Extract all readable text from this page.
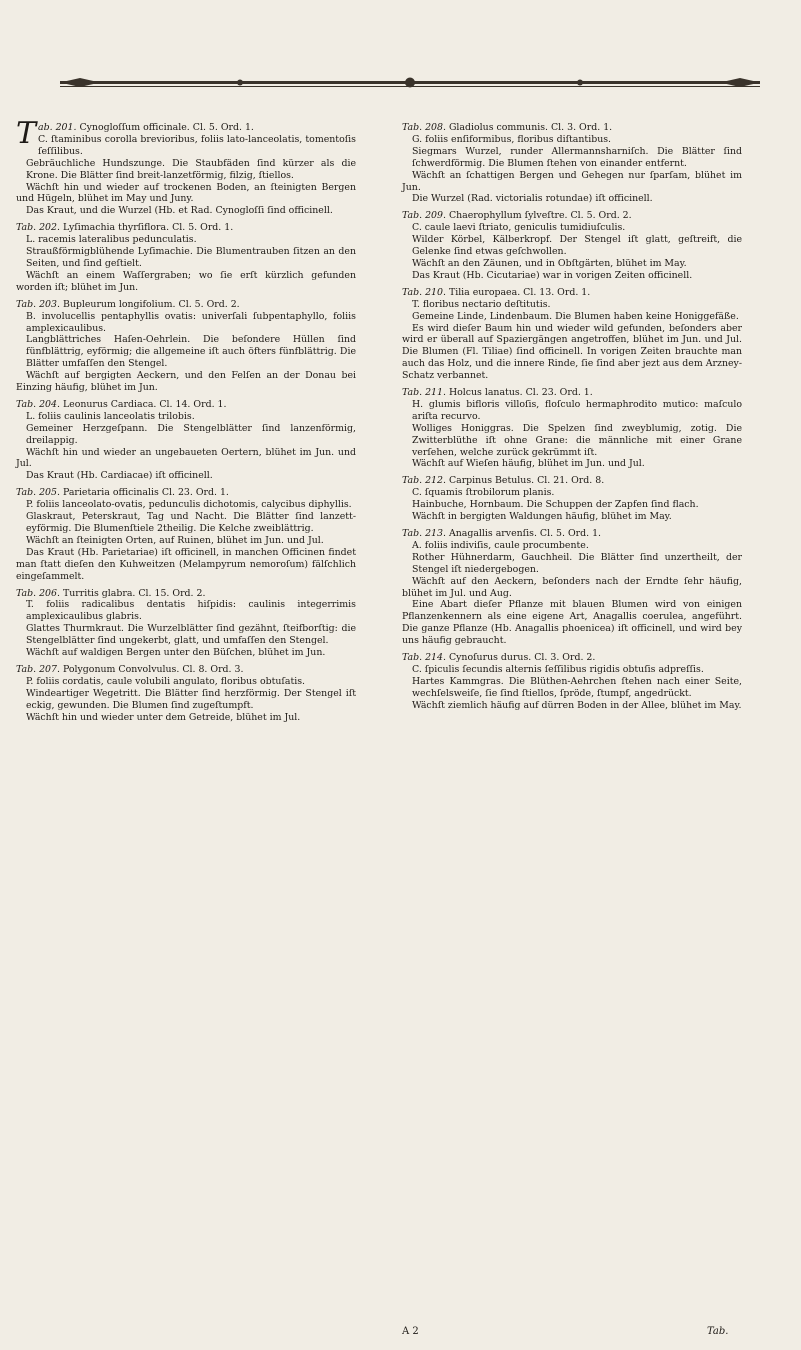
Tab. 201. Cynogloſſum officinale. Cl. 5. Ord. 1.

C. ſtaminibus corolla brevioribus, foliis lato-lanceolatis, tomentoſis ſeſſilibus.

Gebräuchliche Hundszunge. Die Staubfäden ſind kürzer als die Krone. Die Blätter ſind breit-lanzetförmig, filzig, ſtiellos.

Wächſt hin und wieder auf trockenen Boden, an ſteinigten Bergen und Hügeln, blühet im May und Juny.

Das Kraut, und die Wurzel (Hb. et Rad. Cynogloſſi ſind officinell.

Tab. 202. Lyſimachia thyrſiflora. Cl. 5. Ord. 1.

L. racemis lateralibus pedunculatis.

Straußförmigblühende Lyſimachie. Die Blumentrauben ſitzen an den Seiten, und ſind geſtielt.

Wächſt an einem Waſſergraben; wo ſie erſt kürzlich gefunden worden iſt; blühet im Jun.

Tab. 203. Bupleurum longifolium. Cl. 5. Ord. 2.

B. involucellis pentaphyllis ovatis: univerſali ſubpentaphyllo, foliis amplexicaulibus.

Langblättriches Haſen-Oehrlein. Die beſondere Hüllen ſind fünfblättrig, eyförmig; die allgemeine iſt auch öfters fünfblättrig. Die Blätter umfaſſen den Stengel.

Wächſt auf bergigten Aeckern, und den Felſen an der Donau bei Einzing häufig, blühet im Jun.

Tab. 204. Leonurus Cardiaca. Cl. 14. Ord. 1.

L. foliis caulinis lanceolatis trilobis.

Gemeiner Herzgeſpann. Die Stengelblätter ſind lanzenförmig, dreilappig.

Wächſt hin und wieder an ungebaueten Oertern, blühet im Jun. und Jul.

Das Kraut (Hb. Cardiacae) iſt officinell.

Tab. 205. Parietaria officinalis Cl. 23. Ord. 1.

P. foliis lanceolato-ovatis, pedunculis dichotomis, calycibus diphyllis.

Glaskraut, Peterskraut, Tag und Nacht. Die Blätter ſind lanzett-eyförmig. Die Blumenſtiele 2theilig. Die Kelche zweiblättrig.

Wächſt an ſteinigten Orten, auf Ruinen, blühet im Jun. und Jul.

Das Kraut (Hb. Parietariae) iſt officinell, in manchen Officinen findet man ſtatt dieſen den Kuhweitzen (Melampyrum nemoroſum) fälſchlich eingeſammelt.

Tab. 206. Turritis glabra. Cl. 15. Ord. 2.

T. foliis radicalibus dentatis hiſpidis: caulinis integerrimis amplexicaulibus glabris.

Glattes Thurmkraut. Die Wurzelblätter ſind gezähnt, ſteifborſtig: die Stengelblätter ſind ungekerbt, glatt, und umfaſſen den Stengel.

Wächſt auf waldigen Bergen unter den Büſchen, blühet im Jun.

Tab. 207. Polygonum Convolvulus. Cl. 8. Ord. 3.

P. foliis cordatis, caule volubili angulato, floribus obtuſatis.

Windeartiger Wegetritt. Die Blätter ſind herzförmig. Der Stengel iſt eckig, gewunden. Die Blumen ſind zugeſtumpft.

Wächſt hin und wieder unter dem Getreide, blühet im Jul.

Tab. 208. Gladiolus communis. Cl. 3. Ord. 1.

G. foliis enſiformibus, floribus diſtantibus.

Siegmars Wurzel, runder Allermannsharniſch. Die Blätter ſind ſchwerdförmig. Die Blumen ſtehen von einander entfernt.

Wächſt an ſchattigen Bergen und Gehegen nur ſparſam, blühet im Jun.

Die Wurzel (Rad. victorialis rotundae) iſt officinell.

Tab. 209. Chaerophyllum ſylveſtre. Cl. 5. Ord. 2.

C. caule laevi ſtriato, geniculis tumidiuſculis.

Wilder Körbel, Kälberkropf. Der Stengel iſt glatt, geſtreift, die Gelenke ſind etwas geſchwollen.

Wächſt an den Zäunen, und in Obſtgärten, blühet im May.

Das Kraut (Hb. Cicutariae) war in vorigen Zeiten officinell.

Tab. 210. Tilia europaea. Cl. 13. Ord. 1.

T. floribus nectario deſtitutis.

Gemeine Linde, Lindenbaum. Die Blumen haben keine Honiggefäße.

Es wird dieſer Baum hin und wieder wild gefunden, beſonders aber wird er überall auf Spaziergängen angetroffen, blühet im Jun. und Jul. Die Blumen (Fl. Tiliae) ſind officinell. In vorigen Zeiten brauchte man auch das Holz, und die innere Rinde, ſie ſind aber jezt aus dem Arzney-Schatz verbannet.

Tab. 211. Holcus lanatus. Cl. 23. Ord. 1.

H. glumis bifloris villoſis, floſculo hermaphrodito mutico: maſculo ariſta recurvo.

Wolliges Honiggras. Die Spelzen ſind zweyblumig, zotig. Die Zwitterblüthe iſt ohne Grane: die männliche mit einer Grane verſehen, welche zurück gekrümmt iſt.

Wächſt auf Wieſen häufig, blühet im Jun. und Jul.

Tab. 212. Carpinus Betulus. Cl. 21. Ord. 8.

C. ſquamis ſtrobilorum planis.

Hainbuche, Hornbaum. Die Schuppen der Zapfen ſind flach.

Wächſt in bergigten Waldungen häufig, blühet im May.

Tab. 213. Anagallis arvenſis. Cl. 5. Ord. 1.

A. foliis indiviſis, caule procumbente.

Rother Hühnerdarm, Gauchheil. Die Blätter ſind unzertheilt, der Stengel iſt niedergebogen.

Wächſt auf den Aeckern, beſonders nach der Erndte ſehr häufig, blühet im Jul. und Aug.

Eine Abart dieſer Pflanze mit blauen Blumen wird von einigen Pflanzenkennern als eine eigene Art, Anagallis coerulea, angeführt. Die ganze Pflanze (Hb. Anagallis phoenicea) iſt officinell, und wird bey uns häufig gebraucht.

Tab. 214. Cynoſurus durus. Cl. 3. Ord. 2.

C. ſpiculis ſecundis alternis ſeſſilibus rigidis obtuſis adpreſſis.

Hartes Kammgras. Die Blüthen-Aehrchen ſtehen nach einer Seite, wechſelsweiſe, ſie ſind ſtiellos, ſpröde, ſtumpf, angedrückt.

Wächſt ziemlich häufig auf dürren Boden in der Allee, blühet im May.

A 2	Tab.
